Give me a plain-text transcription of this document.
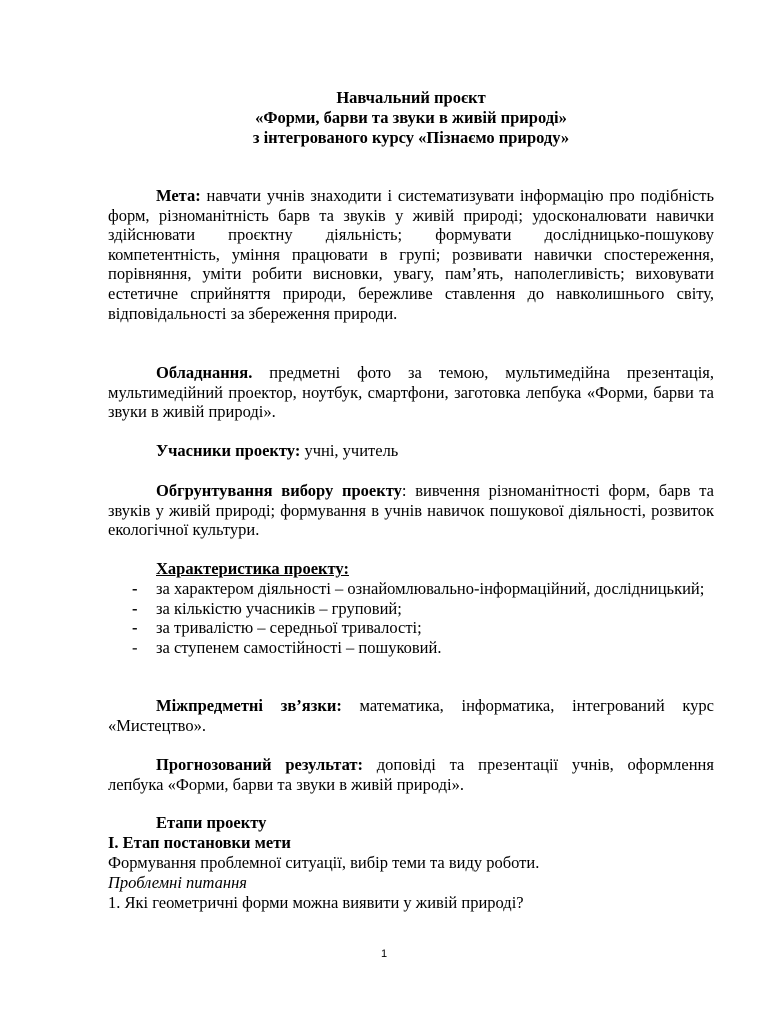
Навчальний проєкт
«Форми, барви та звуки в живій природі»
з інтегрованого курсу «Пізнаємо природу»
Мета: навчати учнів знаходити і систематизувати інформацію про подібність форм, різноманітність барв та звуків у живій природі; удосконалювати навички здійснювати проєктну діяльність; формувати дослідницько-пошукову компетентність, уміння працювати в групі; розвивати навички спостереження, порівняння, уміти робити висновки, увагу, пам’ять, наполегливість; виховувати естетичне сприйняття природи, бережливе ставлення до навколишнього світу, відповідальності за збереження природи.
Обладнання. предметні фото за темою, мультимедійна презентація, мультимедійний проектор, ноутбук, смартфони, заготовка лепбука «Форми, барви та звуки в живій природі».
Учасники проекту: учні, учитель
Обгрунтування вибору проекту: вивчення різноманітності форм, барв та звуків у живій природі; формування в учнів навичок пошукової діяльності, розвиток екологічної культури.
Характеристика проекту:
- за характером діяльності – ознайомлювально-інформаційний, дослідницький;
- за кількістю учасників – груповий;
- за тривалістю – середньої тривалості;
- за ступенем самостійності – пошуковий.
Міжпредметні зв’язки: математика, інформатика, інтегрований курс «Мистецтво».
Прогнозований результат: доповіді та презентації учнів, оформлення лепбука «Форми, барви та звуки в живій природі».
Етапи проекту
І. Етап постановки мети
Формування проблемної ситуації, вибір теми та виду роботи.
Проблемні питання
1. Які геометричні форми можна виявити у живій природі?
1
